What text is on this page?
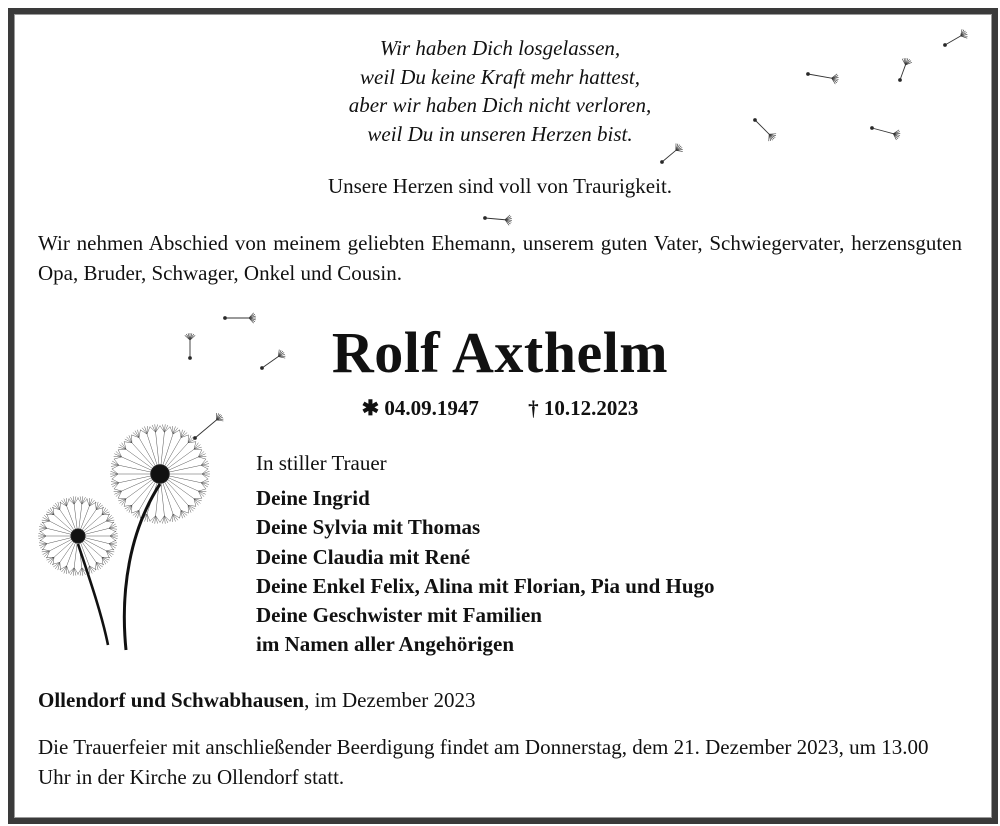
Wir haben Dich losgelassen,
weil Du keine Kraft mehr hattest,
aber wir haben Dich nicht verloren,
weil Du in unseren Herzen bist.
Unsere Herzen sind voll von Traurigkeit.
Wir nehmen Abschied von meinem geliebten Ehemann, unserem guten Vater, Schwiegervater, herzensguten Opa, Bruder, Schwager, Onkel und Cousin.
Rolf Axthelm
✱ 04.09.1947 † 10.12.2023
In stiller Trauer
Deine Ingrid
Deine Sylvia mit Thomas
Deine Claudia mit René
Deine Enkel Felix, Alina mit Florian, Pia und Hugo
Deine Geschwister mit Familien
im Namen aller Angehörigen
Ollendorf und Schwabhausen, im Dezember 2023
Die Trauerfeier mit anschließender Beerdigung findet am Donnerstag, dem 21. Dezember 2023, um 13.00 Uhr in der Kirche zu Ollendorf statt.
